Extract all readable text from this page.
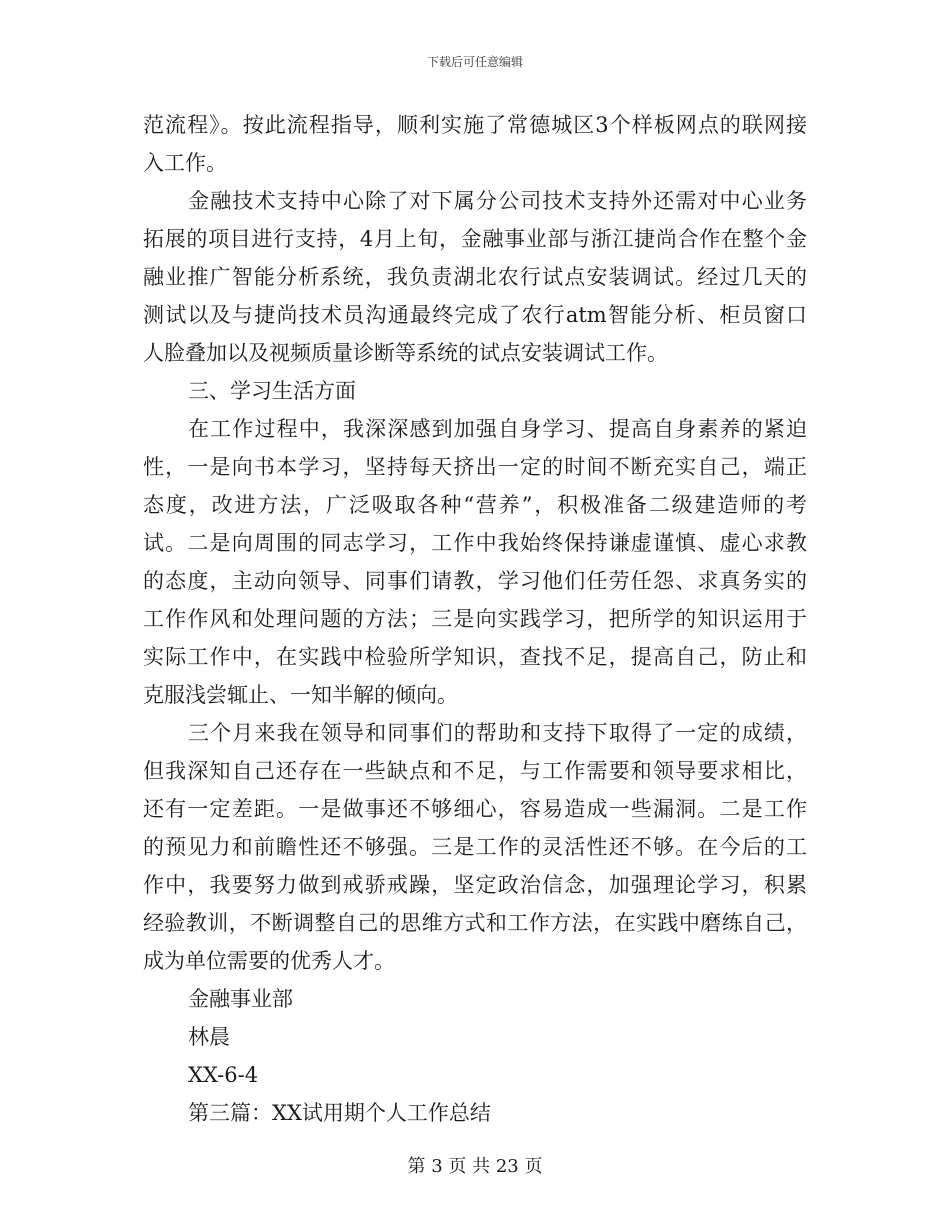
下载后可任意编辑
范流程》。按此流程指导，顺利实施了常德城区3个样板网点的联网接
入工作。
金融技术支持中心除了对下属分公司技术支持外还需对中心业务
拓展的项目进行支持，4月上旬，金融事业部与浙江捷尚合作在整个金
融业推广智能分析系统，我负责湖北农行试点安装调试。经过几天的
测试以及与捷尚技术员沟通最终完成了农行atm智能分析、柜员窗口
人脸叠加以及视频质量诊断等系统的试点安装调试工作。
三、学习生活方面
在工作过程中，我深深感到加强自身学习、提高自身素养的紧迫
性，一是向书本学习，坚持每天挤出一定的时间不断充实自己，端正
态度，改进方法，广泛吸取各种“营养”，积极准备二级建造师的考
试。二是向周围的同志学习，工作中我始终保持谦虚谨慎、虚心求教
的态度，主动向领导、同事们请教，学习他们任劳任怨、求真务实的
工作作风和处理问题的方法；三是向实践学习，把所学的知识运用于
实际工作中，在实践中检验所学知识，查找不足，提高自己，防止和
克服浅尝辄止、一知半解的倾向。
三个月来我在领导和同事们的帮助和支持下取得了一定的成绩，
但我深知自己还存在一些缺点和不足，与工作需要和领导要求相比，
还有一定差距。一是做事还不够细心，容易造成一些漏洞。二是工作
的预见力和前瞻性还不够强。三是工作的灵活性还不够。在今后的工
作中，我要努力做到戒骄戒躁，坚定政治信念，加强理论学习，积累
经验教训，不断调整自己的思维方式和工作方法，在实践中磨练自己，
成为单位需要的优秀人才。
金融事业部
林晨
XX-6-4
第三篇：XX试用期个人工作总结
第 3 页 共 23 页
